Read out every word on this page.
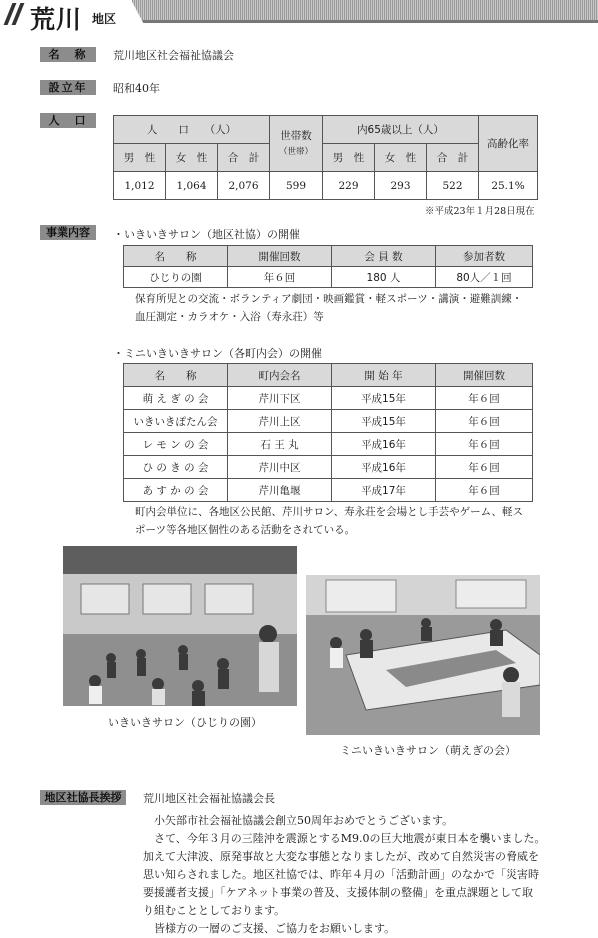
荒川 地区
名　称	荒川地区社会福祉協議会
設立年	昭和40年
人　口
人　　口　　（人）			世帯数
（世帯）	内65歳以上（人）			高齢化率
男　性	女　性	合　計		男　性	女　性	合　計	
1,012	1,064	2,076	599	229	293	522	25.1%
※平成23年１月28日現在
事業内容	・いきいきサロン（地区社協）の開催
名　　称	開催回数	会 員 数	参加者数
ひじりの園	年６回	180 人	80人／１回
保育所児との交流・ボランティア劇団・映画鑑賞・軽スポーツ・講演・避難訓練・
血圧測定・カラオケ・入浴（寿永荘）等
・ミニいきいきサロン（各町内会）の開催
名　　称	町内会名	開 始 年	開催回数
萌 え ぎ の 会	芹川下区	平成15年	年６回
いきいきぽたん会	芹川上区	平成15年	年６回
レ モ ン の 会	石 王 丸	平成16年	年６回
ひ の き の 会	芹川中区	平成16年	年６回
あ す か の 会	芹川亀堰	平成17年	年６回
町内会単位に、各地区公民館、芹川サロン、寿永荘を会場とし手芸やゲーム、軽ス
ポーツ等各地区個性のある活動をされている。
いきいきサロン（ひじりの園）
ミニいきいきサロン（萌えぎの会）
地区社協長挨拶	荒川地区社会福祉協議会長
小矢部市社会福祉協議会創立50周年おめでとうございます。
さて、今年３月の三陸沖を震源とするM9.0の巨大地震が東日本を襲いました。
加えて大津波、原発事故と大変な事態となりましたが、改めて自然災害の脅威を
思い知らされました。地区社協では、昨年４月の「活動計画」のなかで「災害時
要援護者支援」「ケアネット事業の普及、支援体制の整備」を重点課題として取
り組むこととしております。
皆様方の一層のご支援、ご協力をお願いします。
